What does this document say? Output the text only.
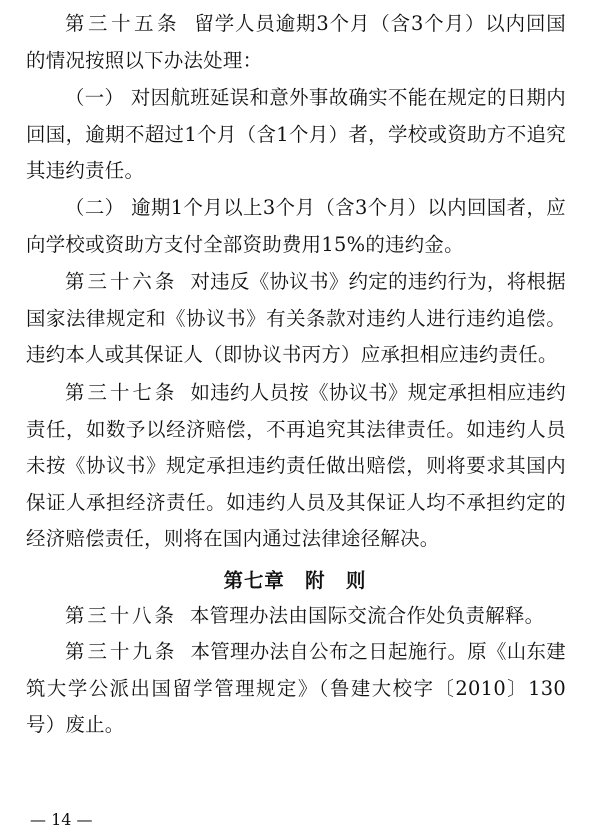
第三十五条 留学人员逾期3个月（含3个月）以内回国的情况按照以下办法处理：

（一） 对因航班延误和意外事故确实不能在规定的日期内回国，逾期不超过1个月（含1个月）者，学校或资助方不追究其违约责任。

（二） 逾期1个月以上3个月（含3个月）以内回国者，应向学校或资助方支付全部资助费用15%的违约金。

第三十六条 对违反《协议书》约定的违约行为，将根据国家法律规定和《协议书》有关条款对违约人进行违约追偿。违约本人或其保证人（即协议书丙方）应承担相应违约责任。

第三十七条 如违约人员按《协议书》规定承担相应违约责任，如数予以经济赔偿，不再追究其法律责任。如违约人员未按《协议书》规定承担违约责任做出赔偿，则将要求其国内保证人承担经济责任。如违约人员及其保证人均不承担约定的经济赔偿责任，则将在国内通过法律途径解决。

第七章　附　则

第三十八条 本管理办法由国际交流合作处负责解释。

第三十九条 本管理办法自公布之日起施行。原《山东建筑大学公派出国留学管理规定》（鲁建大校字〔2010〕130号）废止。

— 14 —
